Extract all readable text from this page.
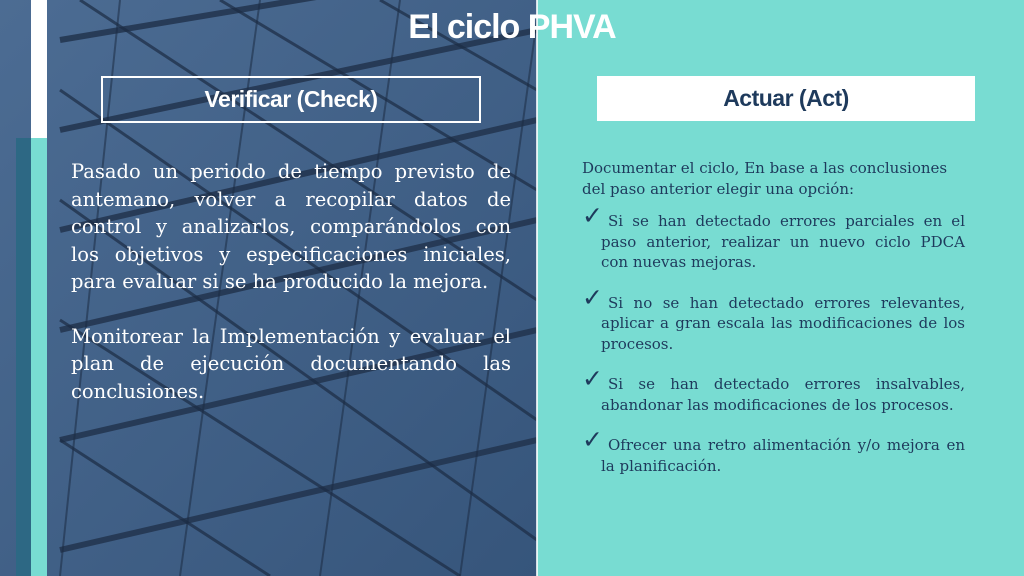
El ciclo PHVA
Verificar (Check)	Actuar (Act)

Pasado un periodo de tiempo previsto de antemano, volver a recopilar datos de control y analizarlos, comparándolos con los objetivos y especificaciones iniciales, para evaluar si se ha producido la mejora.

Monitorear la Implementación y evaluar el plan de ejecución documentando las conclusiones.

Documentar el ciclo, En base a las conclusiones del paso anterior elegir una opción:

✓ Si se han detectado errores parciales en el paso anterior, realizar un nuevo ciclo PDCA con nuevas mejoras.
✓ Si no se han detectado errores relevantes, aplicar a gran escala las modificaciones de los procesos.
✓ Si se han detectado errores insalvables, abandonar las modificaciones de los procesos.
✓ Ofrecer una retro alimentación y/o mejora en la planificación.
